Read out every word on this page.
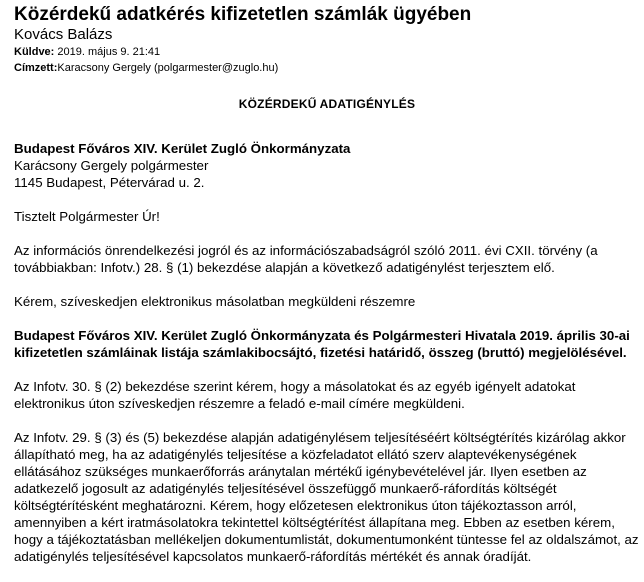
Közérdekű adatkérés kifizetetlen számlák ügyében

Kovács Balázs

Küldve: 2019. május 9. 21:41

Címzett:Karacsony Gergely (polgarmester@zuglo.hu)

KÖZÉRDEKŰ ADATIGÉNYLÉS

Budapest Főváros XIV. Kerület Zugló Önkormányzata

Karácsony Gergely polgármester

1145 Budapest, Pétervárad u. 2.

Tisztelt Polgármester Úr!

Az információs önrendelkezési jogról és az információszabadságról szóló 2011. évi CXII. törvény (a továbbiakban: Infotv.) 28. § (1) bekezdése alapján a következő adatigénylést terjesztem elő.

Kérem, szíveskedjen elektronikus másolatban megküldeni részemre

Budapest Főváros XIV. Kerület Zugló Önkormányzata és Polgármesteri Hivatala 2019. április 30-ai kifizetetlen számláinak listája számlakibocsájtó, fizetési határidő, összeg (bruttó) megjelölésével.

Az Infotv. 30. § (2) bekezdése szerint kérem, hogy a másolatokat és az egyéb igényelt adatokat elektronikus úton szíveskedjen részemre a feladó e-mail címére megküldeni.

Az Infotv. 29. § (3) és (5) bekezdése alapján adatigénylésem teljesítéséért költségtérítés kizárólag akkor állapítható meg, ha az adatigénylés teljesítése a közfeladatot ellátó szerv alaptevékenységének ellátásához szükséges munkaerőforrás aránytalan mértékű igénybevételével jár. Ilyen esetben az adatkezelő jogosult az adatigénylés teljesítésével összefüggő munkaerő-ráfordítás költségét költségtérítésként meghatározni. Kérem, hogy előzetesen elektronikus úton tájékoztasson arról, amennyiben a kért iratmásolatokra tekintettel költségtérítést állapítana meg. Ebben az esetben kérem, hogy a tájékoztatásban mellékeljen dokumentumlistát, dokumentumonként tüntesse fel az oldalszámot, az adatigénylés teljesítésével kapcsolatos munkaerő-ráfordítás mértékét és annak óradíját.
